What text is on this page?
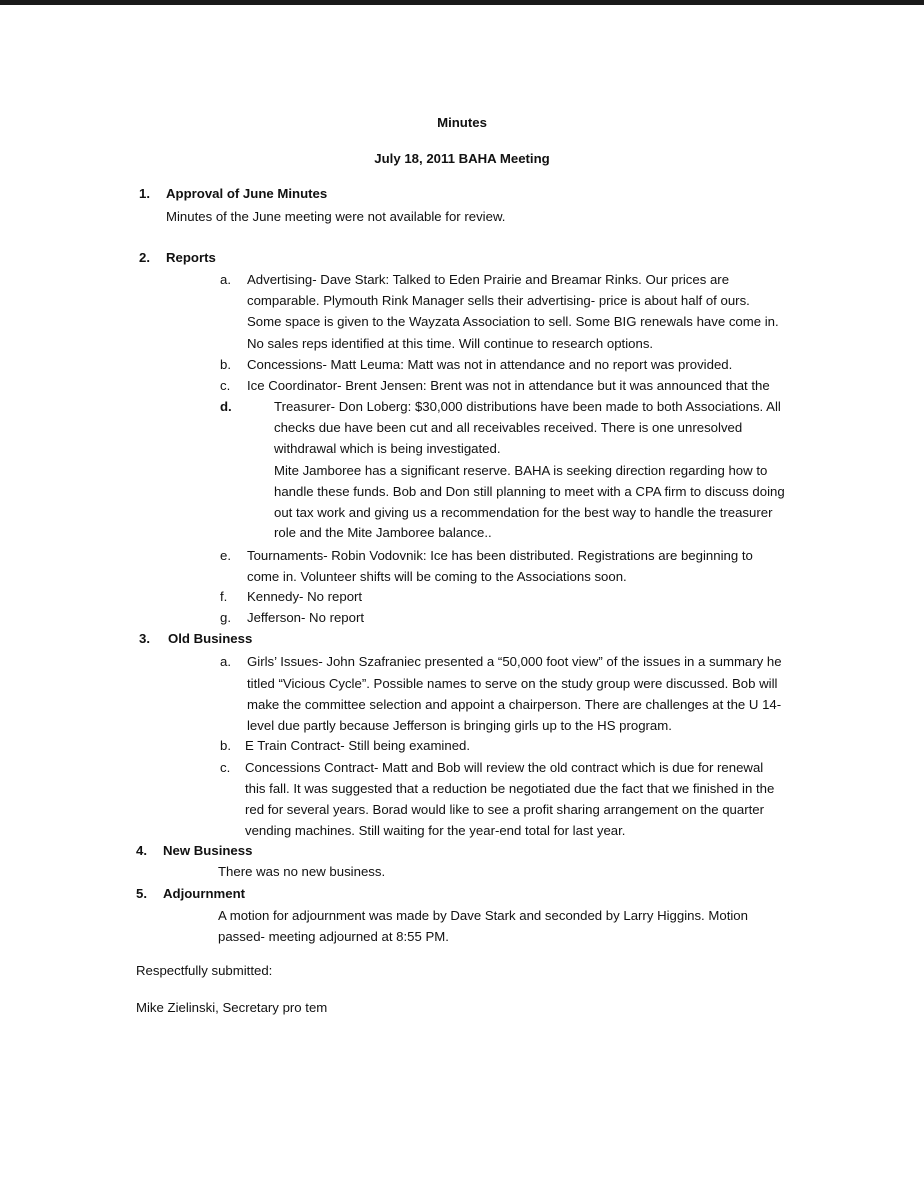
Minutes
July 18, 2011 BAHA Meeting
1. Approval of June Minutes
Minutes of the June meeting were not available for review.
2. Reports
a. Advertising- Dave Stark: Talked to Eden Prairie and Breamar Rinks. Our prices are
comparable. Plymouth Rink Manager sells their advertising- price is about half of ours.
Some space is given to the Wayzata Association to sell. Some BIG renewals have come in.
No sales reps identified at this time. Will continue to research options.
b. Concessions- Matt Leuma: Matt was not in attendance and no report was provided.
c. Ice Coordinator- Brent Jensen: Brent was not in attendance but it was announced that the
d.	Treasurer- Don Loberg: $30,000 distributions have been made to both Associations. All
checks due have been cut and all receivables received. There is one unresolved
withdrawal which is being investigated.
Mite Jamboree has a significant reserve. BAHA is seeking direction regarding how to
handle these funds. Bob and Don still planning to meet with a CPA firm to discuss doing
out tax work and giving us a recommendation for the best way to handle the treasurer
role and the Mite Jamboree balance..
e. Tournaments- Robin Vodovnik: Ice has been distributed. Registrations are beginning to
come in. Volunteer shifts will be coming to the Associations soon.
f. Kennedy- No report
g. Jefferson- No report
3. Old Business
a. Girls’ Issues- John Szafraniec presented a “50,000 foot view” of the issues in a summary he
titled “Vicious Cycle”. Possible names to serve on the study group were discussed. Bob will
make the committee selection and appoint a chairperson. There are challenges at the U 14-
level due partly because Jefferson is bringing girls up to the HS program.
b. E Train Contract- Still being examined.
c. Concessions Contract- Matt and Bob will review the old contract which is due for renewal
this fall. It was suggested that a reduction be negotiated due the fact that we finished in the
red for several years. Borad would like to see a profit sharing arrangement on the quarter
vending machines. Still waiting for the year-end total for last year.
4. New Business
There was no new business.
5. Adjournment
A motion for adjournment was made by Dave Stark and seconded by Larry Higgins. Motion
passed- meeting adjourned at 8:55 PM.
Respectfully submitted:
Mike Zielinski, Secretary pro tem
